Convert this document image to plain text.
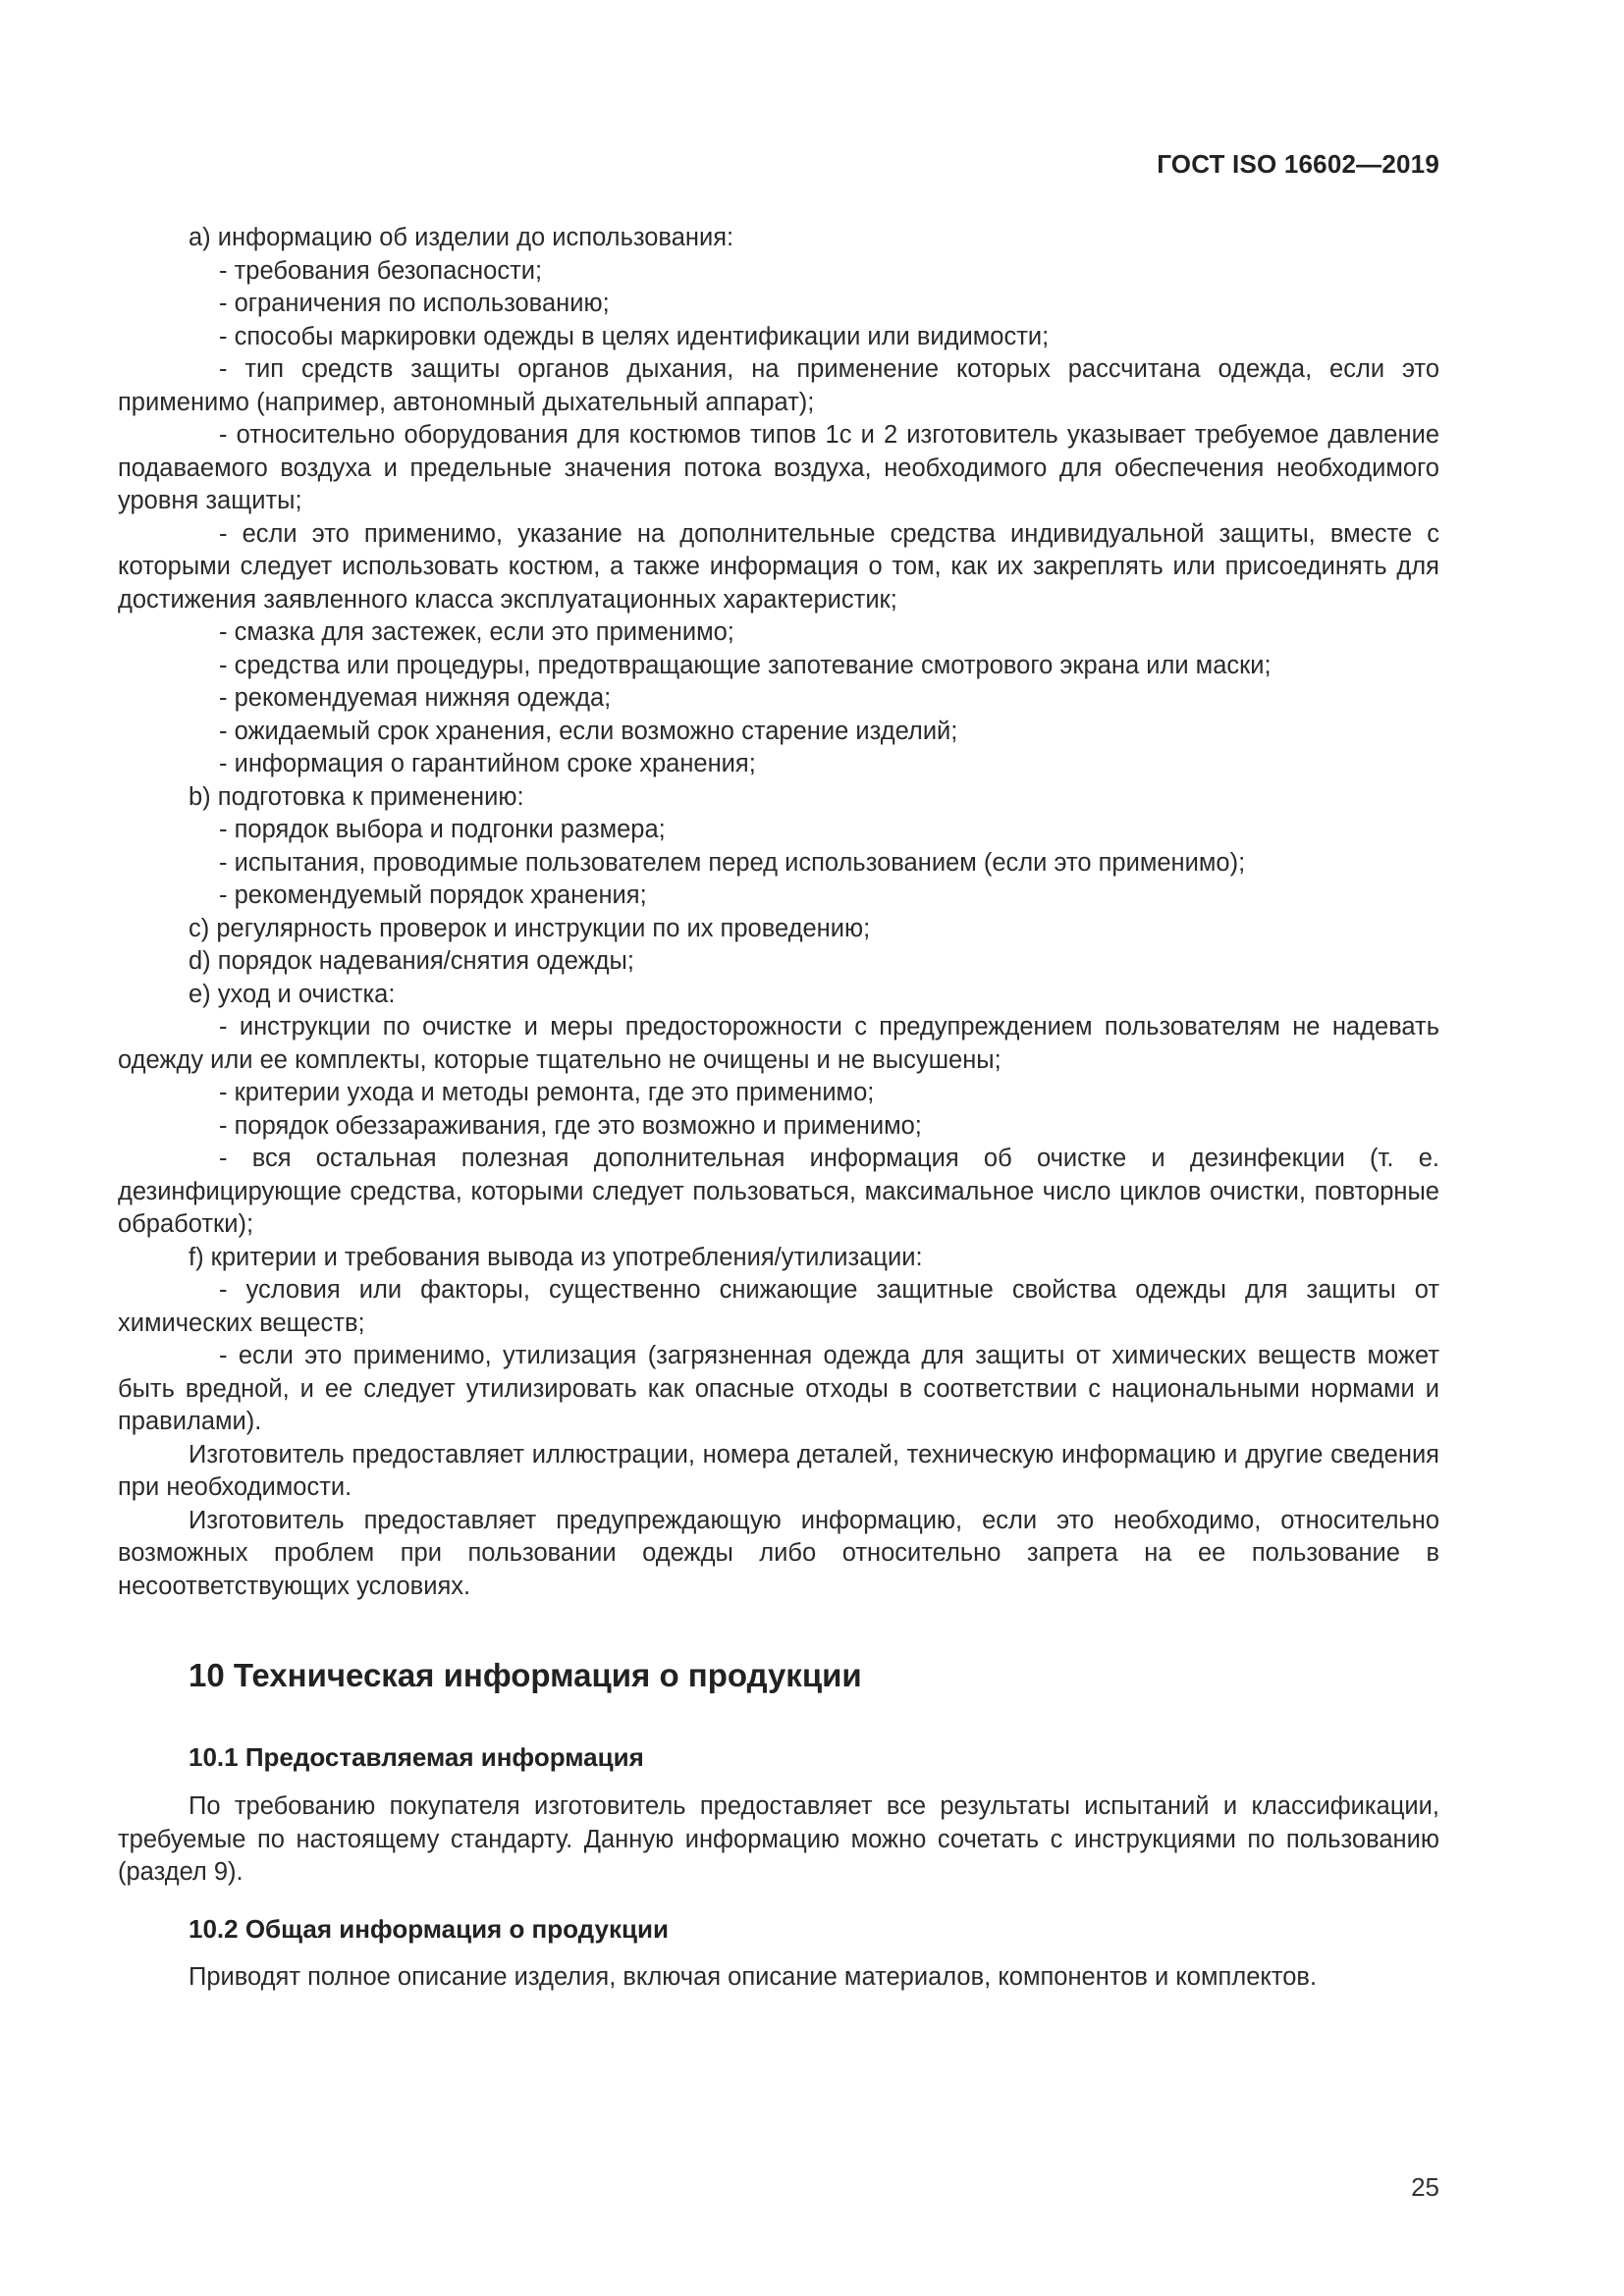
ГОСТ ISO 16602—2019

a) информацию об изделии до использования:

- требования безопасности;

- ограничения по использованию;

- способы маркировки одежды в целях идентификации или видимости;

- тип средств защиты органов дыхания, на применение которых рассчитана одежда, если это применимо (например, автономный дыхательный аппарат);

- относительно оборудования для костюмов типов 1с и 2 изготовитель указывает требуемое давление подаваемого воздуха и предельные значения потока воздуха, необходимого для обеспечения необходимого уровня защиты;

- если это применимо, указание на дополнительные средства индивидуальной защиты, вместе с которыми следует использовать костюм, а также информация о том, как их закреплять или присоединять для достижения заявленного класса эксплуатационных характеристик;

- смазка для застежек, если это применимо;

- средства или процедуры, предотвращающие запотевание смотрового экрана или маски;

- рекомендуемая нижняя одежда;

- ожидаемый срок хранения, если возможно старение изделий;

- информация о гарантийном сроке хранения;

b) подготовка к применению:

- порядок выбора и подгонки размера;

- испытания, проводимые пользователем перед использованием (если это применимо);

- рекомендуемый порядок хранения;

c) регулярность проверок и инструкции по их проведению;

d) порядок надевания/снятия одежды;

e) уход и очистка:

- инструкции по очистке и меры предосторожности с предупреждением пользователям не надевать одежду или ее комплекты, которые тщательно не очищены и не высушены;

- критерии ухода и методы ремонта, где это применимо;

- порядок обеззараживания, где это возможно и применимо;

- вся остальная полезная дополнительная информация об очистке и дезинфекции (т. е. дезинфицирующие средства, которыми следует пользоваться, максимальное число циклов очистки, повторные обработки);

f) критерии и требования вывода из употребления/утилизации:

- условия или факторы, существенно снижающие защитные свойства одежды для защиты от химических веществ;

- если это применимо, утилизация (загрязненная одежда для защиты от химических веществ может быть вредной, и ее следует утилизировать как опасные отходы в соответствии с национальными нормами и правилами).

Изготовитель предоставляет иллюстрации, номера деталей, техническую информацию и другие сведения при необходимости.

Изготовитель предоставляет предупреждающую информацию, если это необходимо, относительно возможных проблем при пользовании одежды либо относительно запрета на ее пользование в несоответствующих условиях.

10 Техническая информация о продукции
10.1 Предоставляемая информация

По требованию покупателя изготовитель предоставляет все результаты испытаний и классификации, требуемые по настоящему стандарту. Данную информацию можно сочетать с инструкциями по пользованию (раздел 9).

10.2 Общая информация о продукции

Приводят полное описание изделия, включая описание материалов, компонентов и комплектов.

25
